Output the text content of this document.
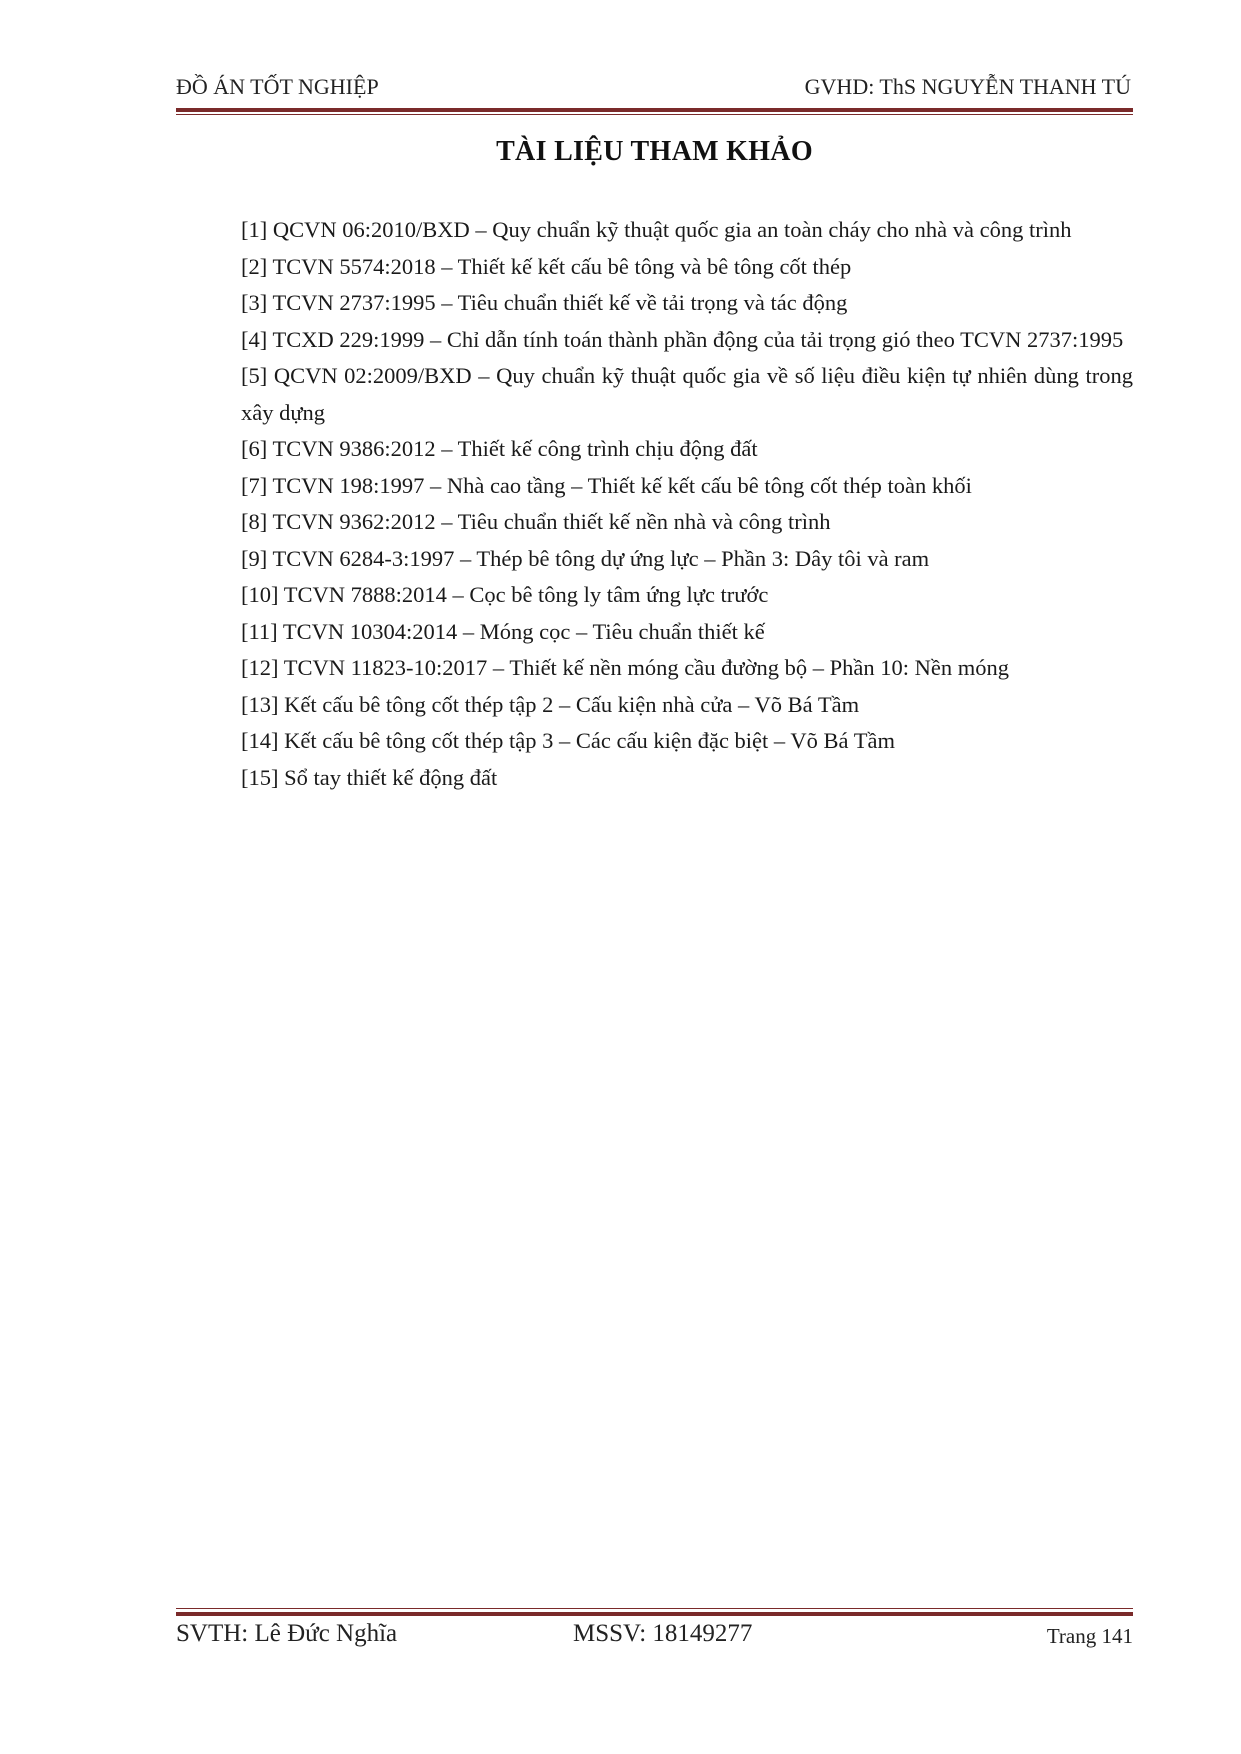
ĐỒ ÁN TỐT NGHIỆP	GVHD: ThS NGUYỄN THANH TÚ
TÀI LIỆU THAM KHẢO
[1] QCVN 06:2010/BXD – Quy chuẩn kỹ thuật quốc gia an toàn cháy cho nhà và công trình
[2] TCVN 5574:2018 – Thiết kế kết cấu bê tông và bê tông cốt thép
[3] TCVN 2737:1995 – Tiêu chuẩn thiết kế về tải trọng và tác động
[4] TCXD 229:1999 – Chỉ dẫn tính toán thành phần động của tải trọng gió theo TCVN 2737:1995
[5] QCVN 02:2009/BXD – Quy chuẩn kỹ thuật quốc gia về số liệu điều kiện tự nhiên dùng trong xây dựng
[6] TCVN 9386:2012 – Thiết kế công trình chịu động đất
[7] TCVN 198:1997 – Nhà cao tầng – Thiết kế kết cấu bê tông cốt thép toàn khối
[8] TCVN 9362:2012 – Tiêu chuẩn thiết kế nền nhà và công trình
[9] TCVN 6284-3:1997 – Thép bê tông dự ứng lực – Phần 3: Dây tôi và ram
[10] TCVN 7888:2014 – Cọc bê tông ly tâm ứng lực trước
[11] TCVN 10304:2014 – Móng cọc – Tiêu chuẩn thiết kế
[12] TCVN 11823-10:2017 – Thiết kế nền móng cầu đường bộ – Phần 10: Nền móng
[13] Kết cấu bê tông cốt thép tập 2 – Cấu kiện nhà cửa – Võ Bá Tầm
[14] Kết cấu bê tông cốt thép tập 3 – Các cấu kiện đặc biệt – Võ Bá Tầm
[15] Sổ tay thiết kế động đất
SVTH: Lê Đức Nghĩa	MSSV: 18149277	Trang 141
